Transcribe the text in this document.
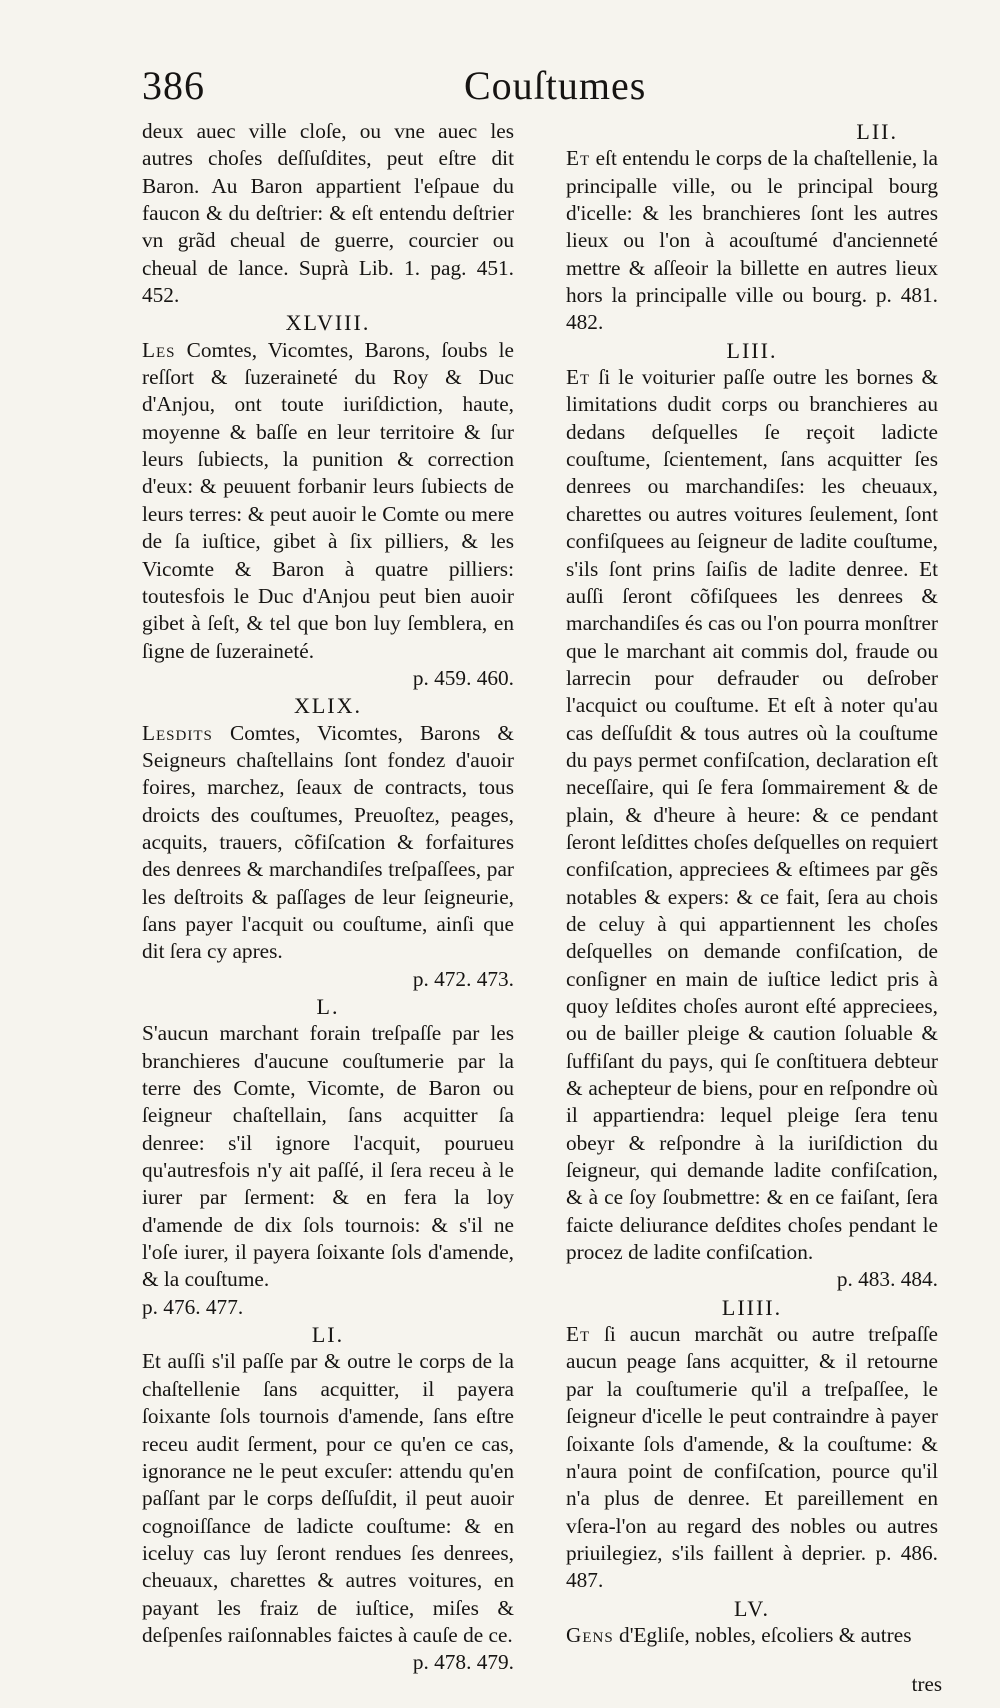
386	Couſtumes

deux auec ville cloſe, ou vne auec les autres choſes deſſuſdites, peut eſtre dit Baron. Au Baron appartient l'eſpaue du faucon & du deſtrier: & eſt entendu deſtrier vn grãd cheual de guerre, courcier ou cheual de lance. Suprà Lib. 1. pag. 451. 452.

XLVIII.

Les Comtes, Vicomtes, Barons, ſoubs le reſſort & ſuzeraineté du Roy & Duc d'Anjou, ont toute iuriſdiction, haute, moyenne & baſſe en leur territoire & ſur leurs ſubiects, la punition & correction d'eux: & peuuent forbanir leurs ſubiects de leurs terres: & peut auoir le Comte ou mere de ſa iuſtice, gibet à ſix pilliers, & les Vicomte & Baron à quatre pilliers: toutesfois le Duc d'Anjou peut bien auoir gibet à ſeſt, & tel que bon luy ſemblera, en ſigne de ſuzeraineté.
p. 459. 460.

XLIX.

Lesdits Comtes, Vicomtes, Barons & Seigneurs chaſtellains ſont fondez d'auoir foires, marchez, ſeaux de contracts, tous droicts des couſtumes, Preuoſtez, peages, acquits, trauers, cõfiſcation & forfaitures des denrees & marchandiſes treſpaſſees, par les deſtroits & paſſages de leur ſeigneurie, ſans payer l'acquit ou couſtume, ainſi que dit ſera cy apres.
p. 472. 473.

L.

S'aucun marchant forain treſpaſſe par les branchieres d'aucune couſtumerie par la terre des Comte, Vicomte, de Baron ou ſeigneur chaſtellain, ſans acquitter ſa denree: s'il ignore l'acquit, pourueu qu'autresfois n'y ait paſſé, il ſera receu à le iurer par ſerment: & en fera la loy d'amende de dix ſols tournois: & s'il ne l'oſe iurer, il payera ſoixante ſols d'amende, & la couſtume.
p. 476. 477.

LI.

Et auſſi s'il paſſe par & outre le corps de la chaſtellenie ſans acquitter, il payera ſoixante ſols tournois d'amende, ſans eſtre receu audit ſerment, pour ce qu'en ce cas, ignorance ne le peut excuſer: attendu qu'en paſſant par le corps deſſuſdit, il peut auoir cognoiſſance de ladicte couſtume: & en iceluy cas luy ſeront rendues ſes denrees, cheuaux, charettes & autres voitures, en payant les fraiz de iuſtice, miſes & deſpenſes raiſonnables faictes à cauſe de ce.
p. 478. 479.

LII.

Et eſt entendu le corps de la chaſtellenie, la principalle ville, ou le principal bourg d'icelle: & les branchieres ſont les autres lieux ou l'on à acouſtumé d'ancienneté mettre & aſſeoir la billette en autres lieux hors la principalle ville ou bourg. p. 481. 482.

LIII.

Et ſi le voiturier paſſe outre les bornes & limitations dudit corps ou branchieres au dedans deſquelles ſe reçoit ladicte couſtume, ſcientement, ſans acquitter ſes denrees ou marchandiſes: les cheuaux, charettes ou autres voitures ſeulement, ſont confiſquees au ſeigneur de ladite couſtume, s'ils ſont prins ſaiſis de ladite denree. Et auſſi ſeront cõfiſquees les denrees & marchandiſes és cas ou l'on pourra monſtrer que le marchant ait commis dol, fraude ou larrecin pour defrauder ou deſrober l'acquict ou couſtume. Et eſt à noter qu'au cas deſſuſdit & tous autres où la couſtume du pays permet confiſcation, declaration eſt neceſſaire, qui ſe fera ſommairement & de plain, & d'heure à heure: & ce pendant ſeront leſdittes choſes deſquelles on requiert confiſcation, appreciees & eſtimees par gẽs notables & expers: & ce fait, ſera au chois de celuy à qui appartiennent les choſes deſquelles on demande confiſcation, de conſigner en main de iuſtice ledict pris à quoy leſdites choſes auront eſté appreciees, ou de bailler pleige & caution ſoluable & ſuffiſant du pays, qui ſe conſtituera debteur & achepteur de biens, pour en reſpondre où il appartiendra: lequel pleige ſera tenu obeyr & reſpondre à la iuriſdiction du ſeigneur, qui demande ladite confiſcation, & à ce ſoy ſoubmettre: & en ce faiſant, ſera faicte deliurance deſdites choſes pendant le procez de ladite confiſcation.
p. 483. 484.

LIIII.

Et ſi aucun marchãt ou autre treſpaſſe aucun peage ſans acquitter, & il retourne par la couſtumerie qu'il a treſpaſſee, le ſeigneur d'icelle le peut contraindre à payer ſoixante ſols d'amende, & la couſtume: & n'aura point de confiſcation, pource qu'il n'a plus de denree. Et pareillement en vſera-l'on au regard des nobles ou autres priuilegiez, s'ils faillent à deprier. p. 486. 487.

LV.

Gens d'Egliſe, nobles, eſcoliers & autres

tres
